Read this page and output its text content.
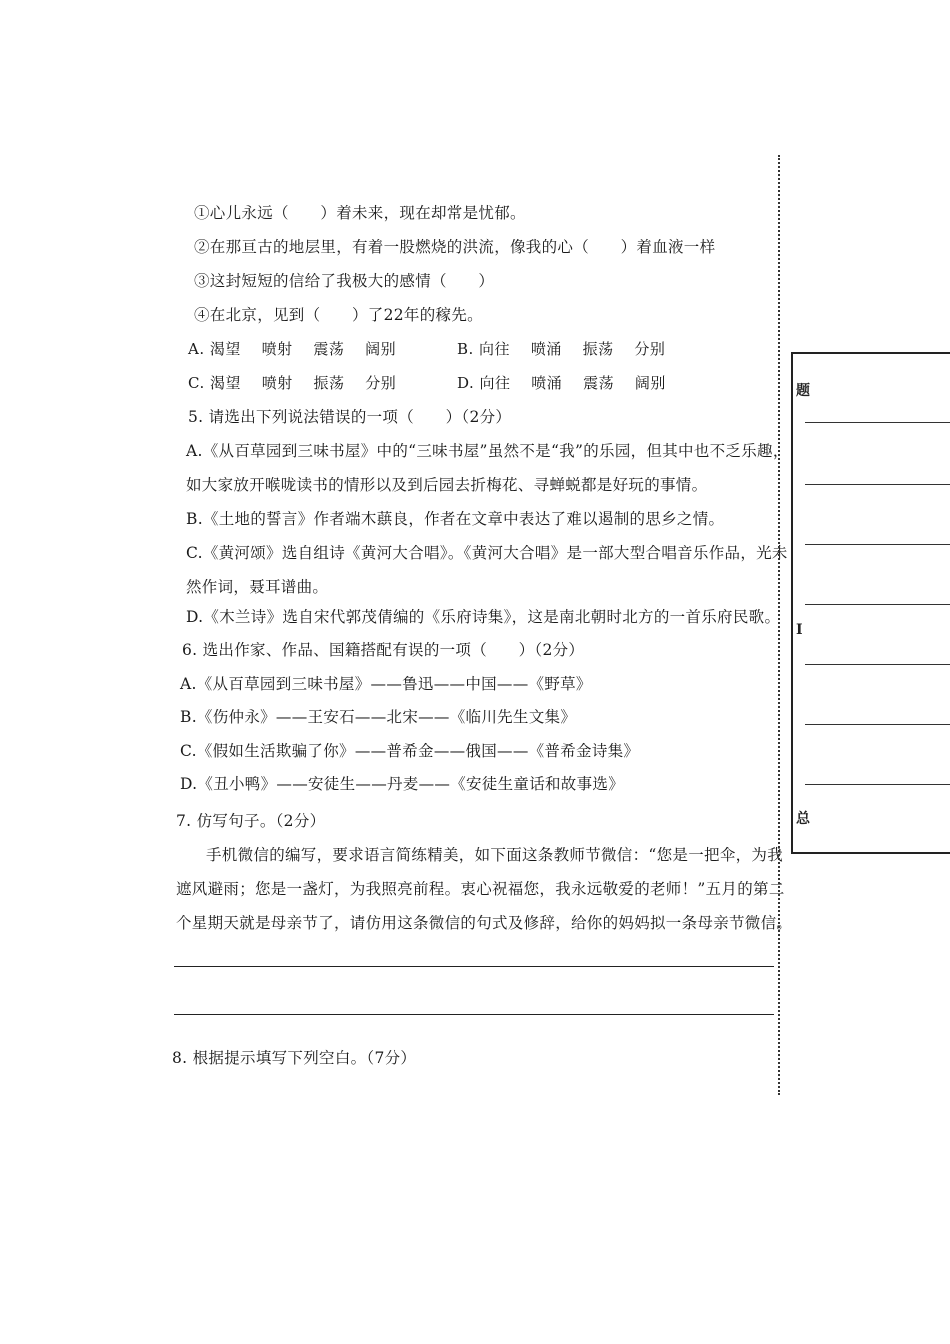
①心儿永远（　　）着未来，现在却常是忧郁。
②在那亘古的地层里，有着一股燃烧的洪流，像我的心（　　）着血液一样
③这封短短的信给了我极大的感情（　　）
④在北京，见到（　　）了22年的稼先。
A. 渴望　 喷射　 震荡　 阔别	B. 向往　 喷涌　 振荡　 分别
C. 渴望　 喷射　 振荡　 分别	D. 向往　 喷涌　 震荡　 阔别
5. 请选出下列说法错误的一项（　　）（2分）
A.《从百草园到三味书屋》中的“三味书屋”虽然不是“我”的乐园，但其中也不乏乐趣，
如大家放开喉咙读书的情形以及到后园去折梅花、寻蝉蜕都是好玩的事情。
B.《土地的誓言》作者端木蕻良，作者在文章中表达了难以遏制的思乡之情。
C.《黄河颂》选自组诗《黄河大合唱》。《黄河大合唱》是一部大型合唱音乐作品，光未
然作词，聂耳谱曲。
D.《木兰诗》选自宋代郭茂倩编的《乐府诗集》，这是南北朝时北方的一首乐府民歌。
6. 选出作家、作品、国籍搭配有误的一项（　　）（2分）
A.《从百草园到三味书屋》——鲁迅——中国——《野草》
B.《伤仲永》——王安石——北宋——《临川先生文集》
C.《假如生活欺骗了你》——普希金——俄国——《普希金诗集》
D.《丑小鸭》——安徒生——丹麦——《安徒生童话和故事选》
7. 仿写句子。（2分）
手机微信的编写，要求语言简练精美，如下面这条教师节微信：“您是一把伞，为我
遮风避雨；您是一盏灯，为我照亮前程。衷心祝福您，我永远敬爱的老师！”五月的第二
个星期天就是母亲节了，请仿用这条微信的句式及修辞，给你的妈妈拟一条母亲节微信。
8. 根据提示填写下列空白。（7分）
题
I
总
